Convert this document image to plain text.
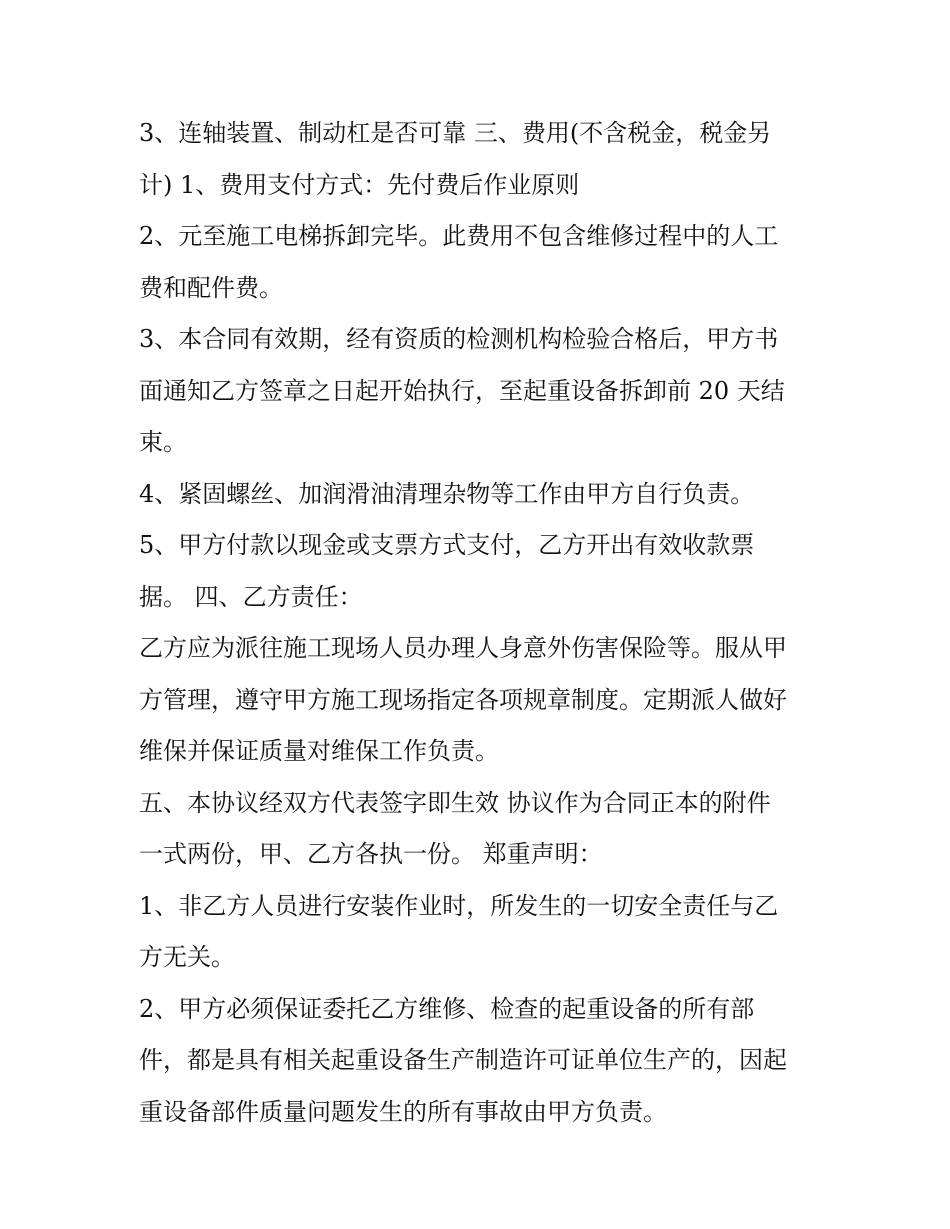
3、连轴装置、制动杠是否可靠 三、费用(不含税金，税金另
计) 1、费用支付方式：先付费后作业原则

2、元至施工电梯拆卸完毕。此费用不包含维修过程中的人工
费和配件费。

3、本合同有效期，经有资质的检测机构检验合格后，甲方书
面通知乙方签章之日起开始执行，至起重设备拆卸前 20 天结
束。

4、紧固螺丝、加润滑油清理杂物等工作由甲方自行负责。

5、甲方付款以现金或支票方式支付，乙方开出有效收款票
据。 四、乙方责任：

乙方应为派往施工现场人员办理人身意外伤害保险等。服从甲
方管理，遵守甲方施工现场指定各项规章制度。定期派人做好
维保并保证质量对维保工作负责。

五、本协议经双方代表签字即生效 协议作为合同正本的附件
一式两份，甲、乙方各执一份。 郑重声明：

1、非乙方人员进行安装作业时，所发生的一切安全责任与乙
方无关。

2、甲方必须保证委托乙方维修、检查的起重设备的所有部
件，都是具有相关起重设备生产制造许可证单位生产的，因起
重设备部件质量问题发生的所有事故由甲方负责。
